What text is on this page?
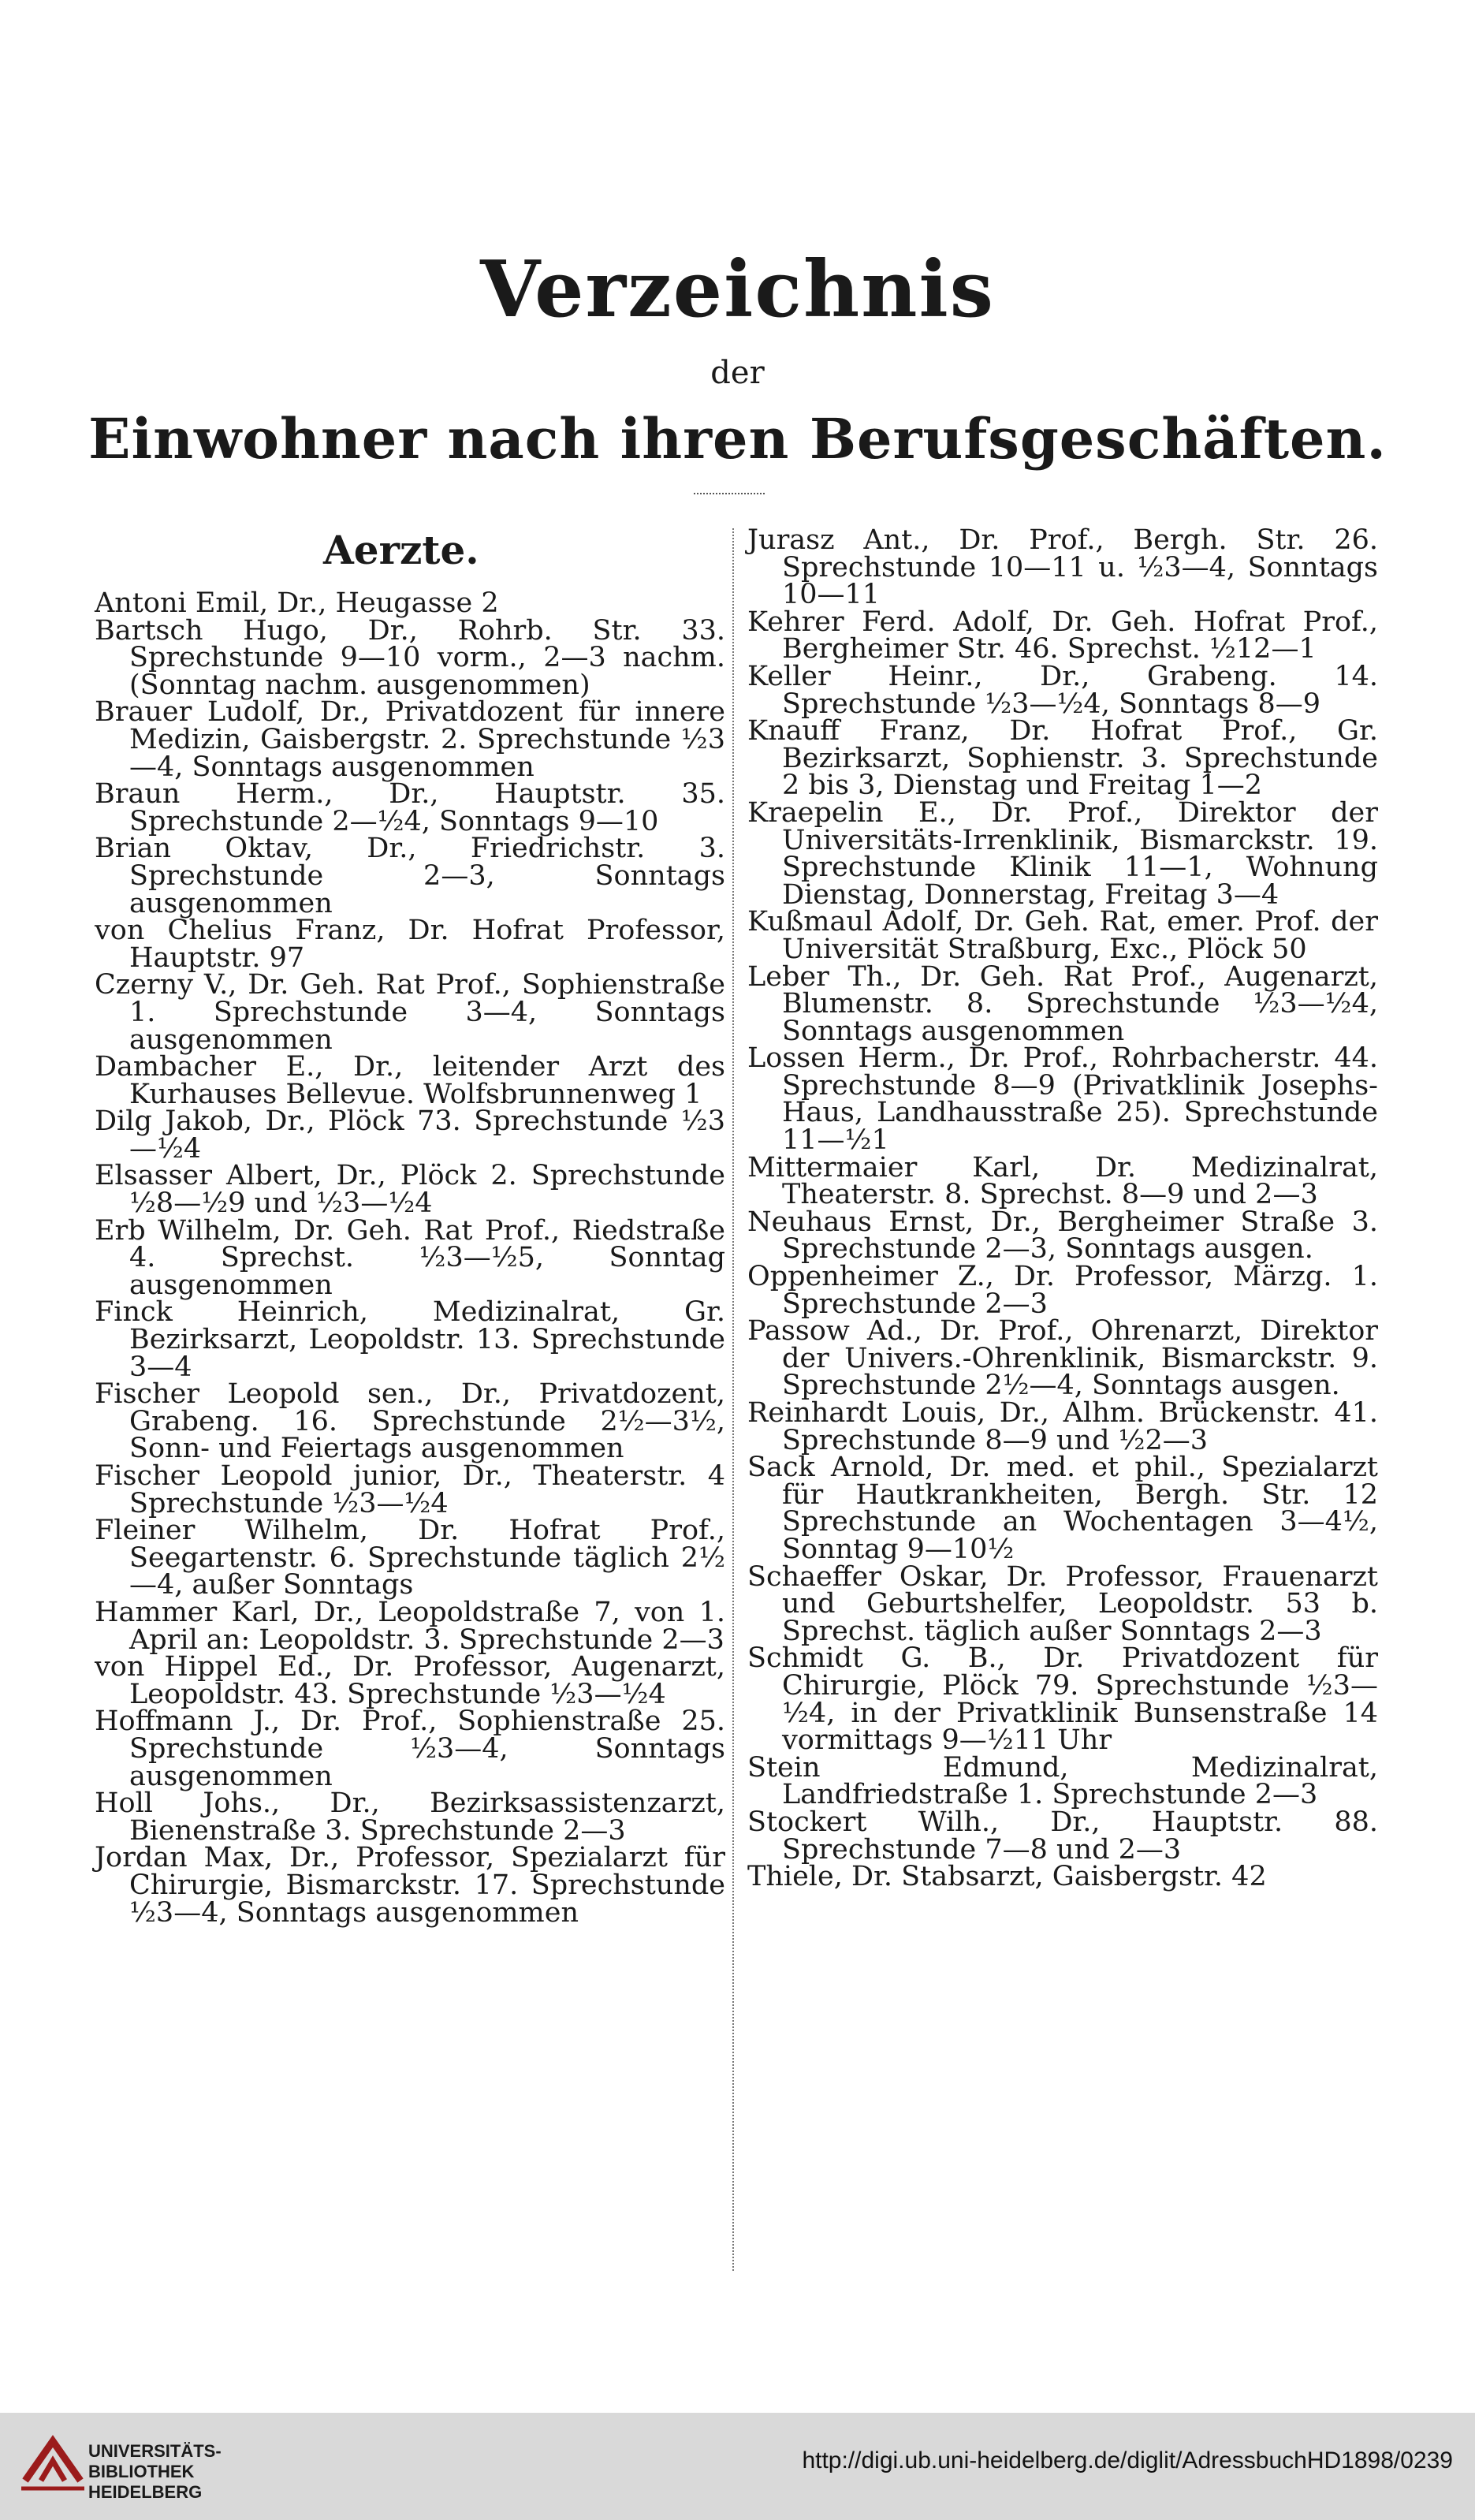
Verzeichnis
der
Einwohner nach ihren Berufsgeschäften.
Aerzte.

Antoni Emil, Dr., Heugasse 2

Bartsch Hugo, Dr., Rohrb. Str. 33. Sprechstunde 9—10 vorm., 2—3 nachm. (Sonntag nachm. ausgenommen)

Brauer Ludolf, Dr., Privatdozent für innere Medizin, Gaisbergstr. 2. Sprechstunde ½3—4, Sonntags ausgenommen

Braun Herm., Dr., Hauptstr. 35. Sprechstunde 2—½4, Sonntags 9—10

Brian Oktav, Dr., Friedrichstr. 3. Sprechstunde 2—3, Sonntags ausgenommen

von Chelius Franz, Dr. Hofrat Professor, Hauptstr. 97

Czerny V., Dr. Geh. Rat Prof., Sophienstraße 1. Sprechstunde 3—4, Sonntags ausgenommen

Dambacher E., Dr., leitender Arzt des Kurhauses Bellevue. Wolfsbrunnenweg 1

Dilg Jakob, Dr., Plöck 73. Sprechstunde ½3—½4

Elsasser Albert, Dr., Plöck 2. Sprechstunde ½8—½9 und ½3—½4

Erb Wilhelm, Dr. Geh. Rat Prof., Riedstraße 4. Sprechst. ½3—½5, Sonntag ausgenommen

Finck Heinrich, Medizinalrat, Gr. Bezirksarzt, Leopoldstr. 13. Sprechstunde 3—4

Fischer Leopold sen., Dr., Privatdozent, Grabeng. 16. Sprechstunde 2½—3½, Sonn- und Feiertags ausgenommen

Fischer Leopold junior, Dr., Theaterstr. 4 Sprechstunde ½3—½4

Fleiner Wilhelm, Dr. Hofrat Prof., Seegartenstr. 6. Sprechstunde täglich 2½—4, außer Sonntags

Hammer Karl, Dr., Leopoldstraße 7, von 1. April an: Leopoldstr. 3. Sprechstunde 2—3

von Hippel Ed., Dr. Professor, Augenarzt, Leopoldstr. 43. Sprechstunde ½3—½4

Hoffmann J., Dr. Prof., Sophienstraße 25. Sprechstunde ½3—4, Sonntags ausgenommen

Holl Johs., Dr., Bezirksassistenzarzt, Bienenstraße 3. Sprechstunde 2—3

Jordan Max, Dr., Professor, Spezialarzt für Chirurgie, Bismarckstr. 17. Sprechstunde ½3—4, Sonntags ausgenommen

Jurasz Ant., Dr. Prof., Bergh. Str. 26. Sprechstunde 10—11 u. ½3—4, Sonntags 10—11

Kehrer Ferd. Adolf, Dr. Geh. Hofrat Prof., Bergheimer Str. 46. Sprechst. ½12—1

Keller Heinr., Dr., Grabeng. 14. Sprechstunde ½3—½4, Sonntags 8—9

Knauff Franz, Dr. Hofrat Prof., Gr. Bezirksarzt, Sophienstr. 3. Sprechstunde 2 bis 3, Dienstag und Freitag 1—2

Kraepelin E., Dr. Prof., Direktor der Universitäts-Irrenklinik, Bismarckstr. 19. Sprechstunde Klinik 11—1, Wohnung Dienstag, Donnerstag, Freitag 3—4

Kußmaul Adolf, Dr. Geh. Rat, emer. Prof. der Universität Straßburg, Exc., Plöck 50

Leber Th., Dr. Geh. Rat Prof., Augenarzt, Blumenstr. 8. Sprechstunde ½3—½4, Sonntags ausgenommen

Lossen Herm., Dr. Prof., Rohrbacherstr. 44. Sprechstunde 8—9 (Privatklinik Josephs-Haus, Landhausstraße 25). Sprechstunde 11—½1

Mittermaier Karl, Dr. Medizinalrat, Theaterstr. 8. Sprechst. 8—9 und 2—3

Neuhaus Ernst, Dr., Bergheimer Straße 3. Sprechstunde 2—3, Sonntags ausgen.

Oppenheimer Z., Dr. Professor, Märzg. 1. Sprechstunde 2—3

Passow Ad., Dr. Prof., Ohrenarzt, Direktor der Univers.-Ohrenklinik, Bismarckstr. 9. Sprechstunde 2½—4, Sonntags ausgen.

Reinhardt Louis, Dr., Alhm. Brückenstr. 41. Sprechstunde 8—9 und ½2—3

Sack Arnold, Dr. med. et phil., Spezialarzt für Hautkrankheiten, Bergh. Str. 12 Sprechstunde an Wochentagen 3—4½, Sonntag 9—10½

Schaeffer Oskar, Dr. Professor, Frauenarzt und Geburtshelfer, Leopoldstr. 53 b. Sprechst. täglich außer Sonntags 2—3

Schmidt G. B., Dr. Privatdozent für Chirurgie, Plöck 79. Sprechstunde ½3—½4, in der Privatklinik Bunsenstraße 14 vormittags 9—½11 Uhr

Stein Edmund, Medizinalrat, Landfriedstraße 1. Sprechstunde 2—3

Stockert Wilh., Dr., Hauptstr. 88. Sprechstunde 7—8 und 2—3

Thiele, Dr. Stabsarzt, Gaisbergstr. 42

UNIVERSITÄTS-
BIBLIOTHEK
HEIDELBERG
http://digi.ub.uni-heidelberg.de/diglit/AdressbuchHD1898/0239
